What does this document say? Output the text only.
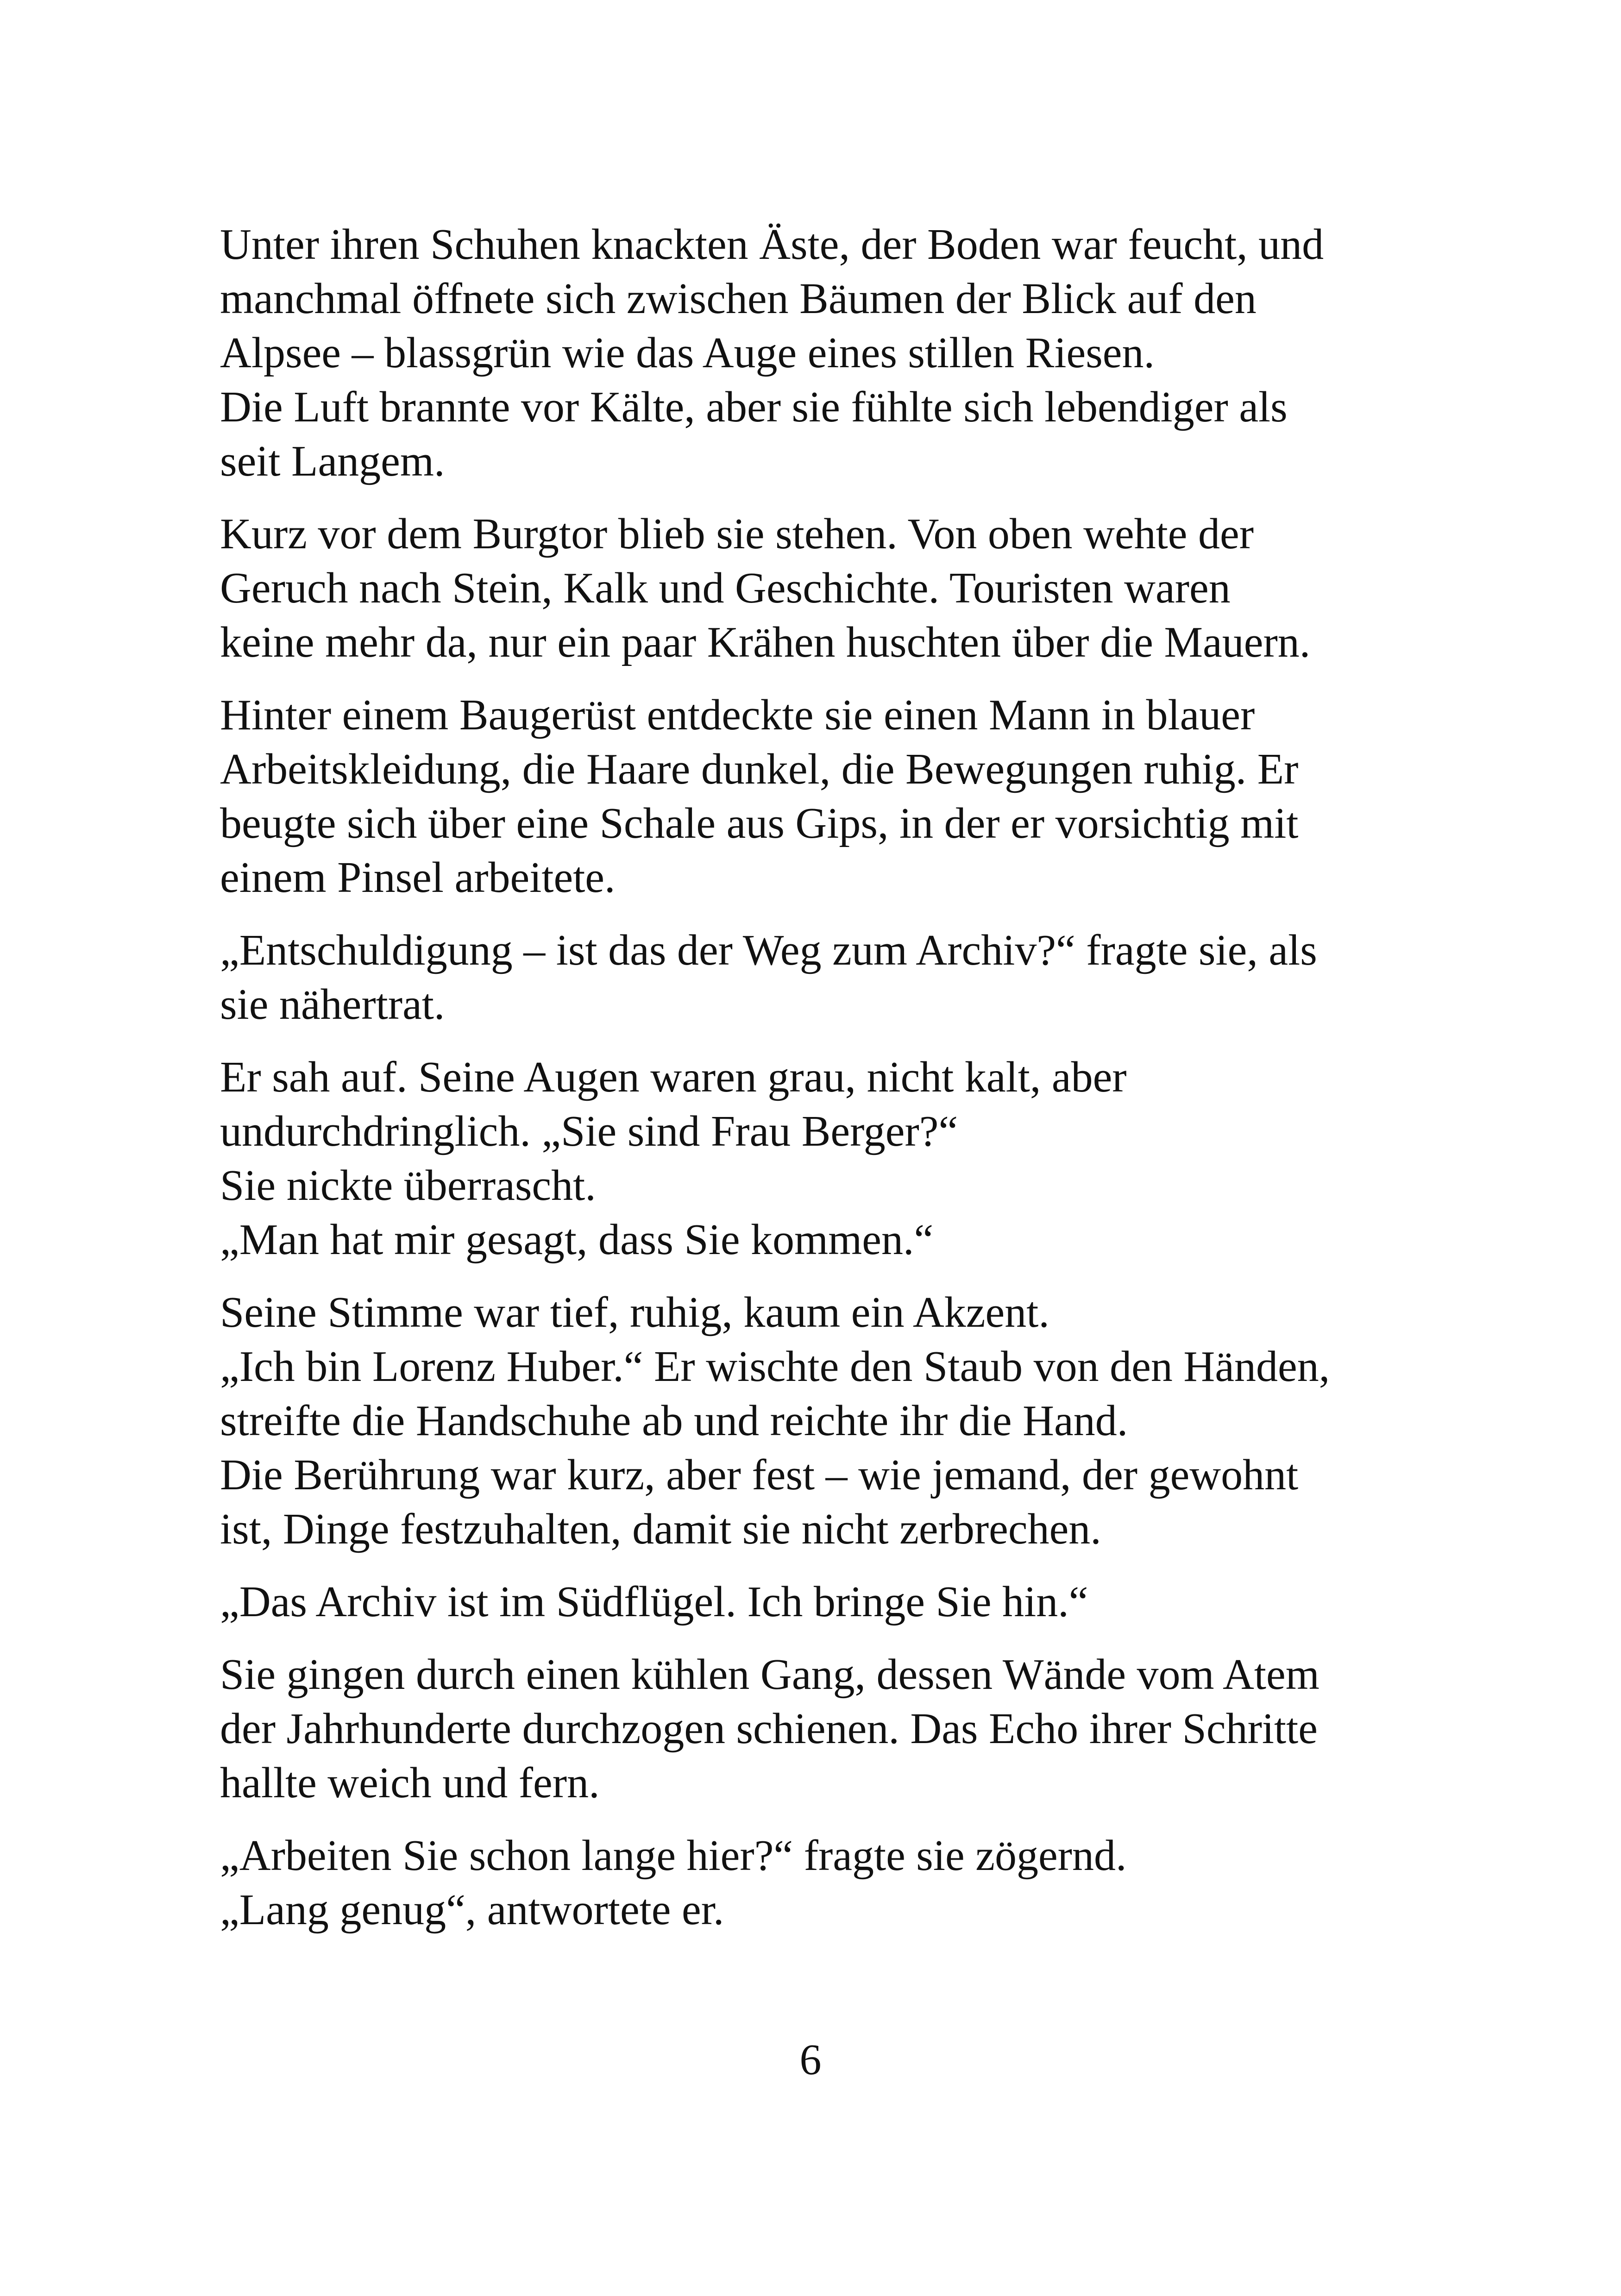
Unter ihren Schuhen knackten Äste, der Boden war feucht, und
manchmal öffnete sich zwischen Bäumen der Blick auf den
Alpsee – blassgrün wie das Auge eines stillen Riesen.
Die Luft brannte vor Kälte, aber sie fühlte sich lebendiger als
seit Langem.

Kurz vor dem Burgtor blieb sie stehen. Von oben wehte der
Geruch nach Stein, Kalk und Geschichte. Touristen waren
keine mehr da, nur ein paar Krähen huschten über die Mauern.

Hinter einem Baugerüst entdeckte sie einen Mann in blauer
Arbeitskleidung, die Haare dunkel, die Bewegungen ruhig. Er
beugte sich über eine Schale aus Gips, in der er vorsichtig mit
einem Pinsel arbeitete.

„Entschuldigung – ist das der Weg zum Archiv?“ fragte sie, als
sie nähertrat.

Er sah auf. Seine Augen waren grau, nicht kalt, aber
undurchdringlich. „Sie sind Frau Berger?“
Sie nickte überrascht.
„Man hat mir gesagt, dass Sie kommen.“

Seine Stimme war tief, ruhig, kaum ein Akzent.
„Ich bin Lorenz Huber.“ Er wischte den Staub von den Händen,
streifte die Handschuhe ab und reichte ihr die Hand.
Die Berührung war kurz, aber fest – wie jemand, der gewohnt
ist, Dinge festzuhalten, damit sie nicht zerbrechen.

„Das Archiv ist im Südflügel. Ich bringe Sie hin.“

Sie gingen durch einen kühlen Gang, dessen Wände vom Atem
der Jahrhunderte durchzogen schienen. Das Echo ihrer Schritte
hallte weich und fern.

„Arbeiten Sie schon lange hier?“ fragte sie zögernd.
„Lang genug“, antwortete er.

6
